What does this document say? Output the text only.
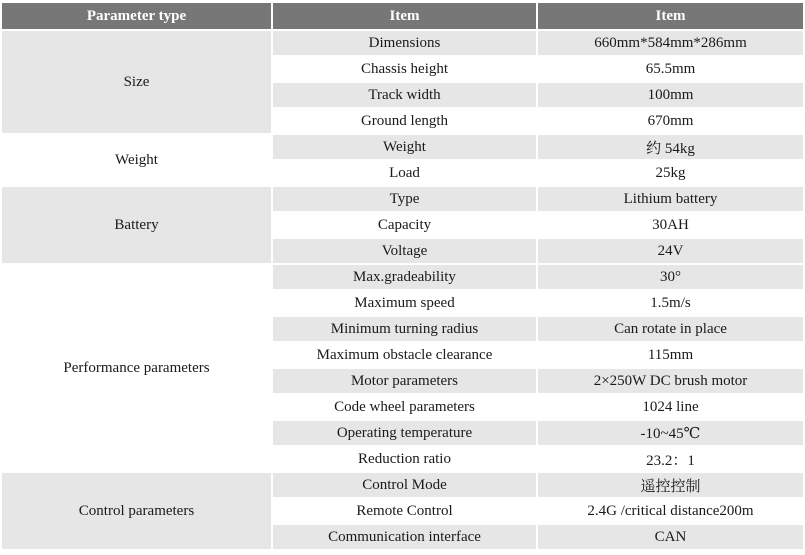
Parameter type	Item	Item
Size	Dimensions	660mm*584mm*286mm
	Chassis height	65.5mm
	Track width	100mm
	Ground length	670mm
Weight	Weight	约 54kg
	Load	25kg
Battery	Type	Lithium battery
	Capacity	30AH
	Voltage	24V
Performance parameters	Max.gradeability	30°
	Maximum speed	1.5m/s
	Minimum turning radius	Can rotate in place
	Maximum obstacle clearance	115mm
	Motor parameters	2×250W DC brush motor
	Code wheel parameters	1024 line
	Operating temperature	-10~45℃
	Reduction ratio	23.2：1
Control parameters	Control Mode	遥控控制
	Remote Control	2.4G /critical distance200m
	Communication interface	CAN
